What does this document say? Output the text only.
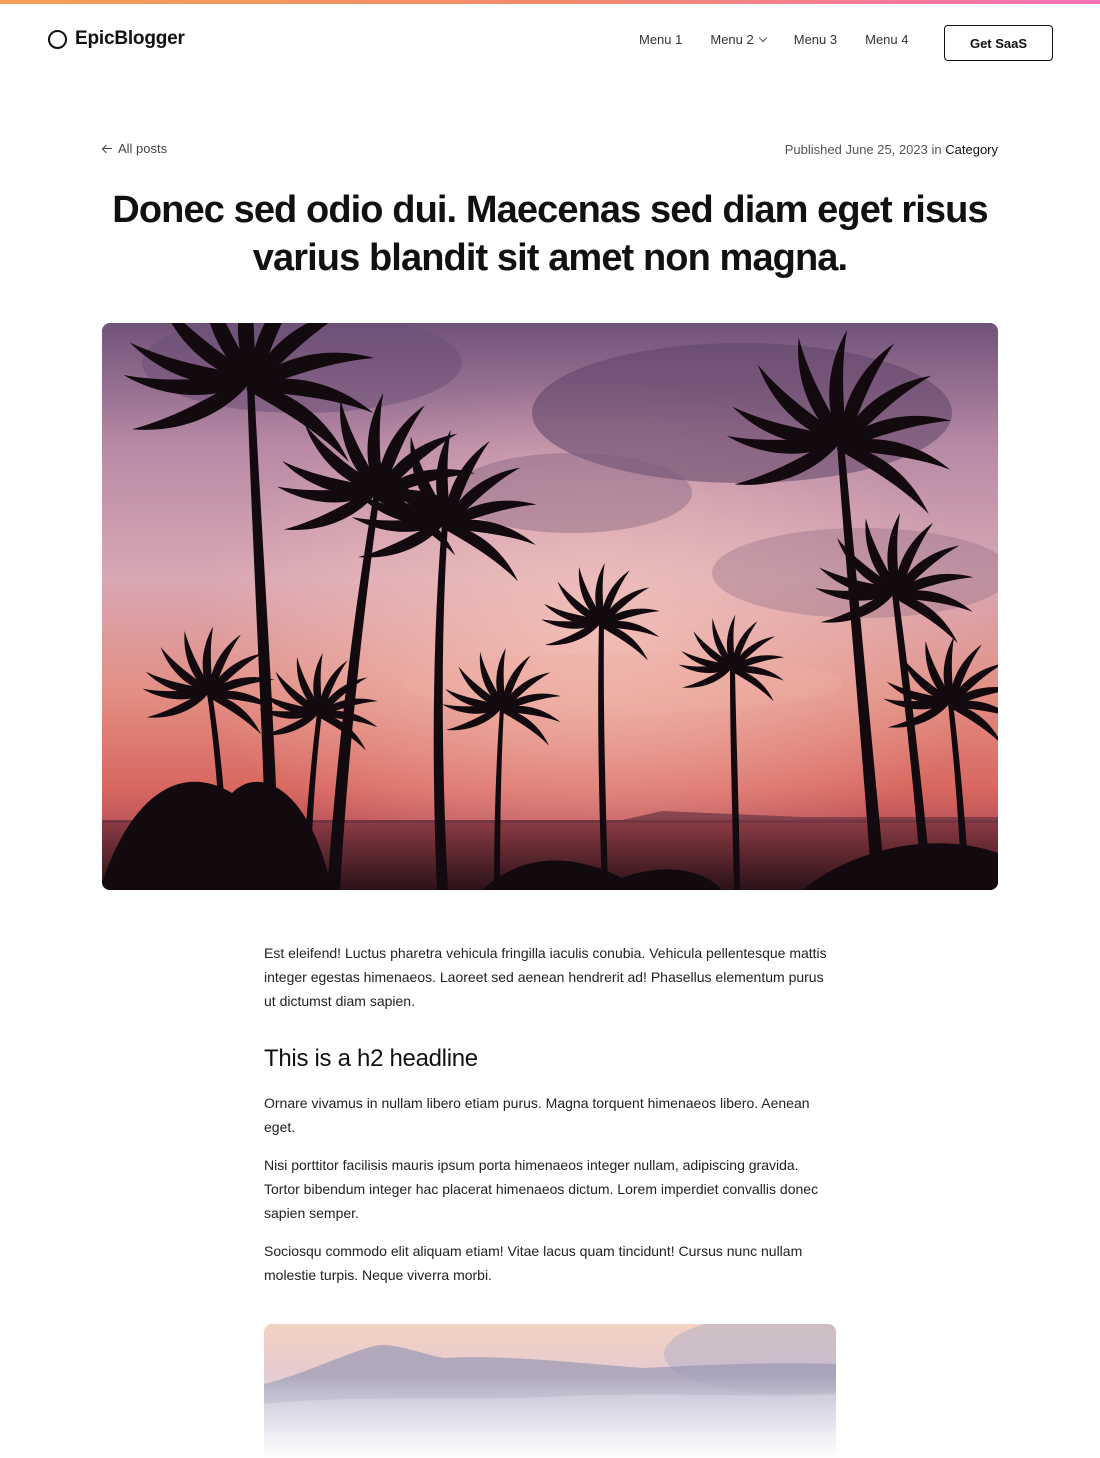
EpicBlogger	Menu 1 Menu 2	Menu 3 Menu 4	Get SaaS
All posts	Published June 25, 2023 in Category
Donec sed odio dui. Maecenas sed diam eget risus varius blandit sit amet non magna.

Est eleifend! Luctus pharetra vehicula fringilla iaculis conubia. Vehicula pellentesque mattis integer egestas himenaeos. Laoreet sed aenean hendrerit ad! Phasellus elementum purus ut dictumst diam sapien.

This is a h2 headline

Ornare vivamus in nullam libero etiam purus. Magna torquent himenaeos libero. Aenean eget.

Nisi porttitor facilisis mauris ipsum porta himenaeos integer nullam, adipiscing gravida. Tortor bibendum integer hac placerat himenaeos dictum. Lorem imperdiet convallis donec sapien semper.

Sociosqu commodo elit aliquam etiam! Vitae lacus quam tincidunt! Cursus nunc nullam molestie turpis. Neque viverra morbi.
